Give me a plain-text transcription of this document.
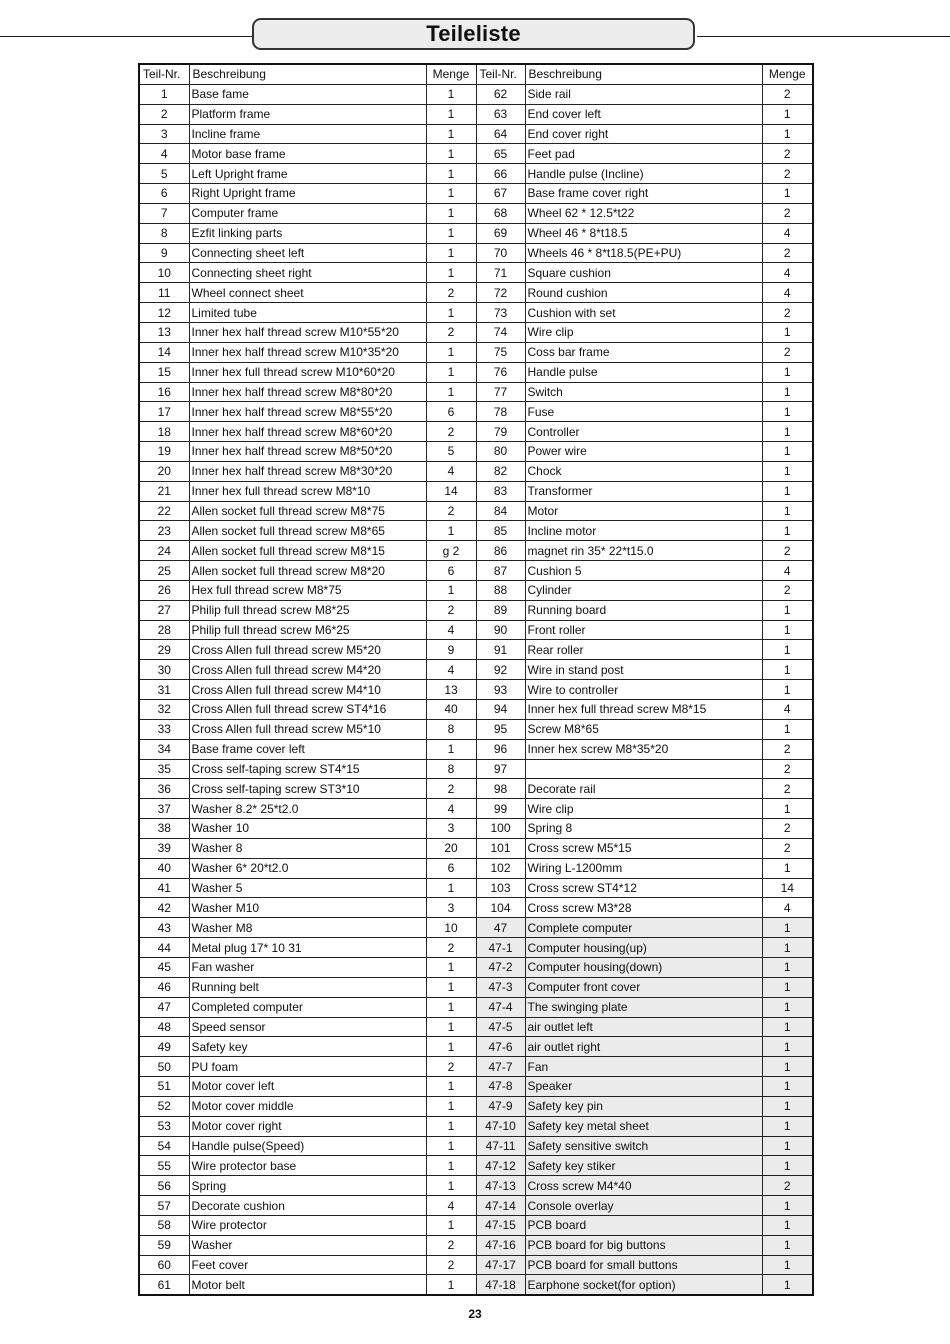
Teileliste
Teil-Nr.	Beschreibung	Menge	Teil-Nr.	Beschreibung	Menge
1	Base fame	1	62	Side rail	2
2	Platform frame	1	63	End cover left	1
3	Incline frame	1	64	End cover right	1
4	Motor base frame	1	65	Feet pad	2
5	Left Upright frame	1	66	Handle pulse (Incline)	2
6	Right Upright frame	1	67	Base frame cover right	1
7	Computer frame	1	68	Wheel 62 * 12.5*t22	2
8	Ezfit linking parts	1	69	Wheel 46 * 8*t18.5	4
9	Connecting sheet left	1	70	Wheels 46 * 8*t18.5(PE+PU)	2
10	Connecting sheet right	1	71	Square cushion	4
11	Wheel connect sheet	2	72	Round cushion	4
12	Limited tube	1	73	Cushion with set	2
13	Inner hex half thread screw M10*55*20	2	74	Wire clip	1
14	Inner hex half thread screw M10*35*20	1	75	Coss bar frame	2
15	Inner hex full thread screw M10*60*20	1	76	Handle pulse	1
16	Inner hex half thread screw M8*80*20	1	77	Switch	1
17	Inner hex half thread screw M8*55*20	6	78	Fuse	1
18	Inner hex half thread screw M8*60*20	2	79	Controller	1
19	Inner hex half thread screw M8*50*20	5	80	Power wire	1
20	Inner hex half thread screw M8*30*20	4	82	Chock	1
21	Inner hex full thread screw M8*10	14	83	Transformer	1
22	Allen socket full thread screw M8*75	2	84	Motor	1
23	Allen socket full thread screw M8*65	1	85	Incline motor	1
24	Allen socket full thread screw M8*15	g 2	86	magnet rin 35* 22*t15.0	2
25	Allen socket full thread screw M8*20	6	87	Cushion 5	4
26	Hex full thread screw M8*75	1	88	Cylinder	2
27	Philip full thread screw M8*25	2	89	Running board	1
28	Philip full thread screw M6*25	4	90	Front roller	1
29	Cross Allen full thread screw M5*20	9	91	Rear roller	1
30	Cross Allen full thread screw M4*20	4	92	Wire in stand post	1
31	Cross Allen full thread screw M4*10	13	93	Wire to controller	1
32	Cross Allen full thread screw ST4*16	40	94	Inner hex full thread screw M8*15	4
33	Cross Allen full thread screw M5*10	8	95	Screw M8*65	1
34	Base frame cover left	1	96	Inner hex screw M8*35*20	2
35	Cross self-taping screw ST4*15	8	97		2
36	Cross self-taping screw ST3*10	2	98	Decorate rail	2
37	Washer 8.2* 25*t2.0	4	99	Wire clip	1
38	Washer 10	3	100	Spring 8	2
39	Washer 8	20	101	Cross screw M5*15	2
40	Washer 6* 20*t2.0	6	102	Wiring L-1200mm	1
41	Washer 5	1	103	Cross screw ST4*12	14
42	Washer M10	3	104	Cross screw M3*28	4
43	Washer M8	10	47	Complete computer	1
44	Metal plug 17* 10 31	2	47-1	Computer housing(up)	1
45	Fan washer	1	47-2	Computer housing(down)	1
46	Running belt	1	47-3	Computer front cover	1
47	Completed computer	1	47-4	The swinging plate	1
48	Speed sensor	1	47-5	air outlet left	1
49	Safety key	1	47-6	air outlet right	1
50	PU foam	2	47-7	Fan	1
51	Motor cover left	1	47-8	Speaker	1
52	Motor cover middle	1	47-9	Safety key pin	1
53	Motor cover right	1	47-10	Safety key metal sheet	1
54	Handle pulse(Speed)	1	47-11	Safety sensitive switch	1
55	Wire protector base	1	47-12	Safety key stiker	1
56	Spring	1	47-13	Cross screw M4*40	2
57	Decorate cushion	4	47-14	Console overlay	1
58	Wire protector	1	47-15	PCB board	1
59	Washer	2	47-16	PCB board for big buttons	1
60	Feet cover	2	47-17	PCB board for small buttons	1
61	Motor belt	1	47-18	Earphone socket(for option)	1
23
